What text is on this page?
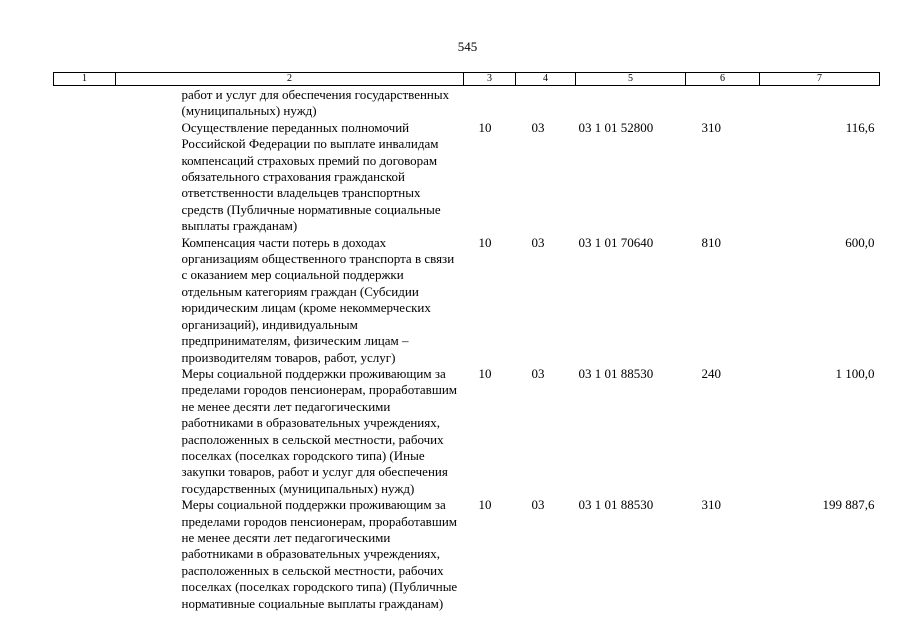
545
1	2	3	4	5	6	7
	работ и услуг для обеспечения государственных (муниципальных) нужд)					
	Осуществление переданных полномочий Российской Федерации по выплате инвалидам компенсаций страховых премий по договорам обязательного страхования гражданской ответственности владельцев транспортных средств (Публичные нормативные социальные выплаты гражданам)	10	03	03 1 01 52800	310	116,6
	Компенсация части потерь в доходах организациям общественного транспорта в связи с оказанием мер социальной поддержки отдельным категориям граждан (Субсидии юридическим лицам (кроме некоммерческих организаций), индивидуальным предпринимателям, физическим лицам – производителям товаров, работ, услуг)	10	03	03 1 01 70640	810	600,0
	Меры социальной поддержки проживающим за пределами городов пенсионерам, проработавшим не менее десяти лет педагогическими работниками в образовательных учреждениях, расположенных в сельской местности, рабочих поселках (поселках городского типа) (Иные закупки товаров, работ и услуг для обеспечения государственных (муниципальных) нужд)	10	03	03 1 01 88530	240	1 100,0
	Меры социальной поддержки проживающим за пределами городов пенсионерам, проработавшим не менее десяти лет педагогическими работниками в образовательных учреждениях, расположенных в сельской местности, рабочих поселках (поселках городского типа) (Публичные нормативные социальные выплаты гражданам)	10	03	03 1 01 88530	310	199 887,6
